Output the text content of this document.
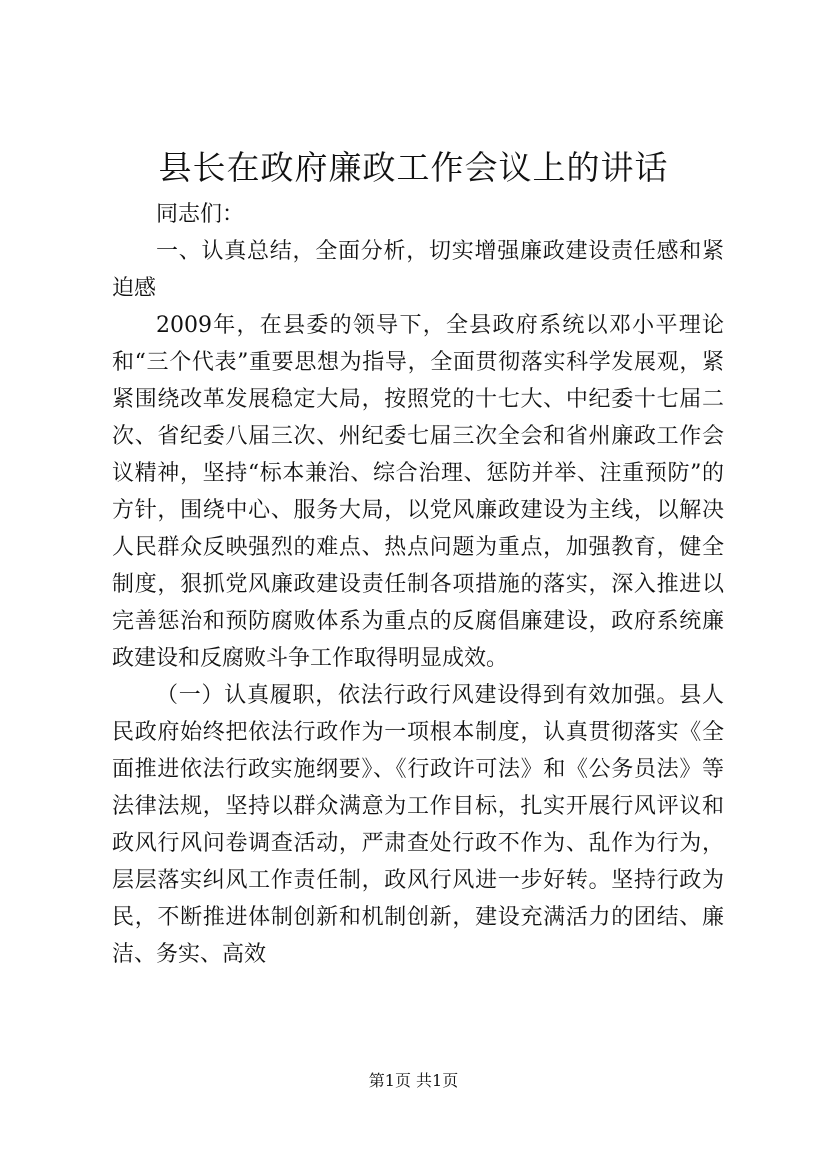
县长在政府廉政工作会议上的讲话

同志们：

一、认真总结，全面分析，切实增强廉政建设责任感和紧迫感

2009年，在县委的领导下，全县政府系统以邓小平理论和“三个代表”重要思想为指导，全面贯彻落实科学发展观，紧紧围绕改革发展稳定大局，按照党的十七大、中纪委十七届二次、省纪委八届三次、州纪委七届三次全会和省州廉政工作会议精神，坚持“标本兼治、综合治理、惩防并举、注重预防”的方针，围绕中心、服务大局，以党风廉政建设为主线，以解决人民群众反映强烈的难点、热点问题为重点，加强教育，健全制度，狠抓党风廉政建设责任制各项措施的落实，深入推进以完善惩治和预防腐败体系为重点的反腐倡廉建设，政府系统廉政建设和反腐败斗争工作取得明显成效。

（一）认真履职，依法行政行风建设得到有效加强。县人民政府始终把依法行政作为一项根本制度，认真贯彻落实《全面推进依法行政实施纲要》、《行政许可法》和《公务员法》等法律法规，坚持以群众满意为工作目标，扎实开展行风评议和政风行风问卷调查活动，严肃查处行政不作为、乱作为行为，层层落实纠风工作责任制，政风行风进一步好转。坚持行政为民，不断推进体制创新和机制创新，建设充满活力的团结、廉洁、务实、高效

第1页 共1页
